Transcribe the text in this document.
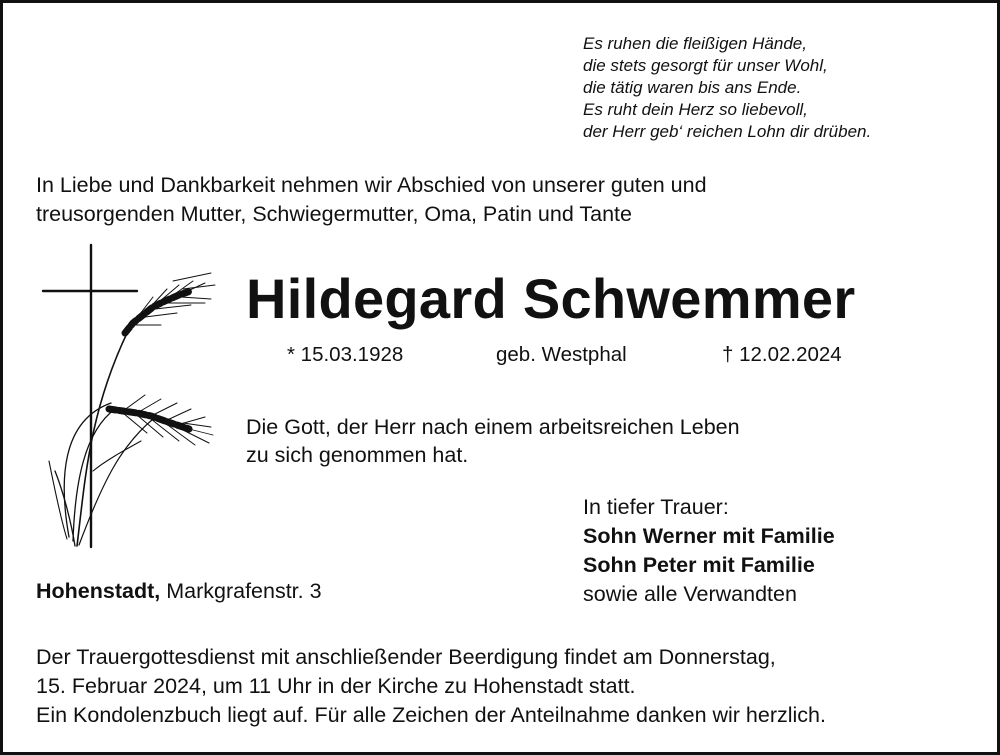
Es ruhen die fleißigen Hände,
die stets gesorgt für unser Wohl,
die tätig waren bis ans Ende.
Es ruht dein Herz so liebevoll,
der Herr geb‘ reichen Lohn dir drüben.
In Liebe und Dankbarkeit nehmen wir Abschied von unserer guten und
treusorgenden Mutter, Schwiegermutter, Oma, Patin und Tante
Hildegard Schwemmer
* 15.03.1928	geb. Westphal	† 12.02.2024
Die Gott, der Herr nach einem arbeitsreichen Leben
zu sich genommen hat.
In tiefer Trauer:
Sohn Werner mit Familie
Sohn Peter mit Familie
sowie alle Verwandten
Hohenstadt, Markgrafenstr. 3
Der Trauergottesdienst mit anschließender Beerdigung findet am Donnerstag,
15. Februar 2024, um 11 Uhr in der Kirche zu Hohenstadt statt.
Ein Kondolenzbuch liegt auf. Für alle Zeichen der Anteilnahme danken wir herzlich.
